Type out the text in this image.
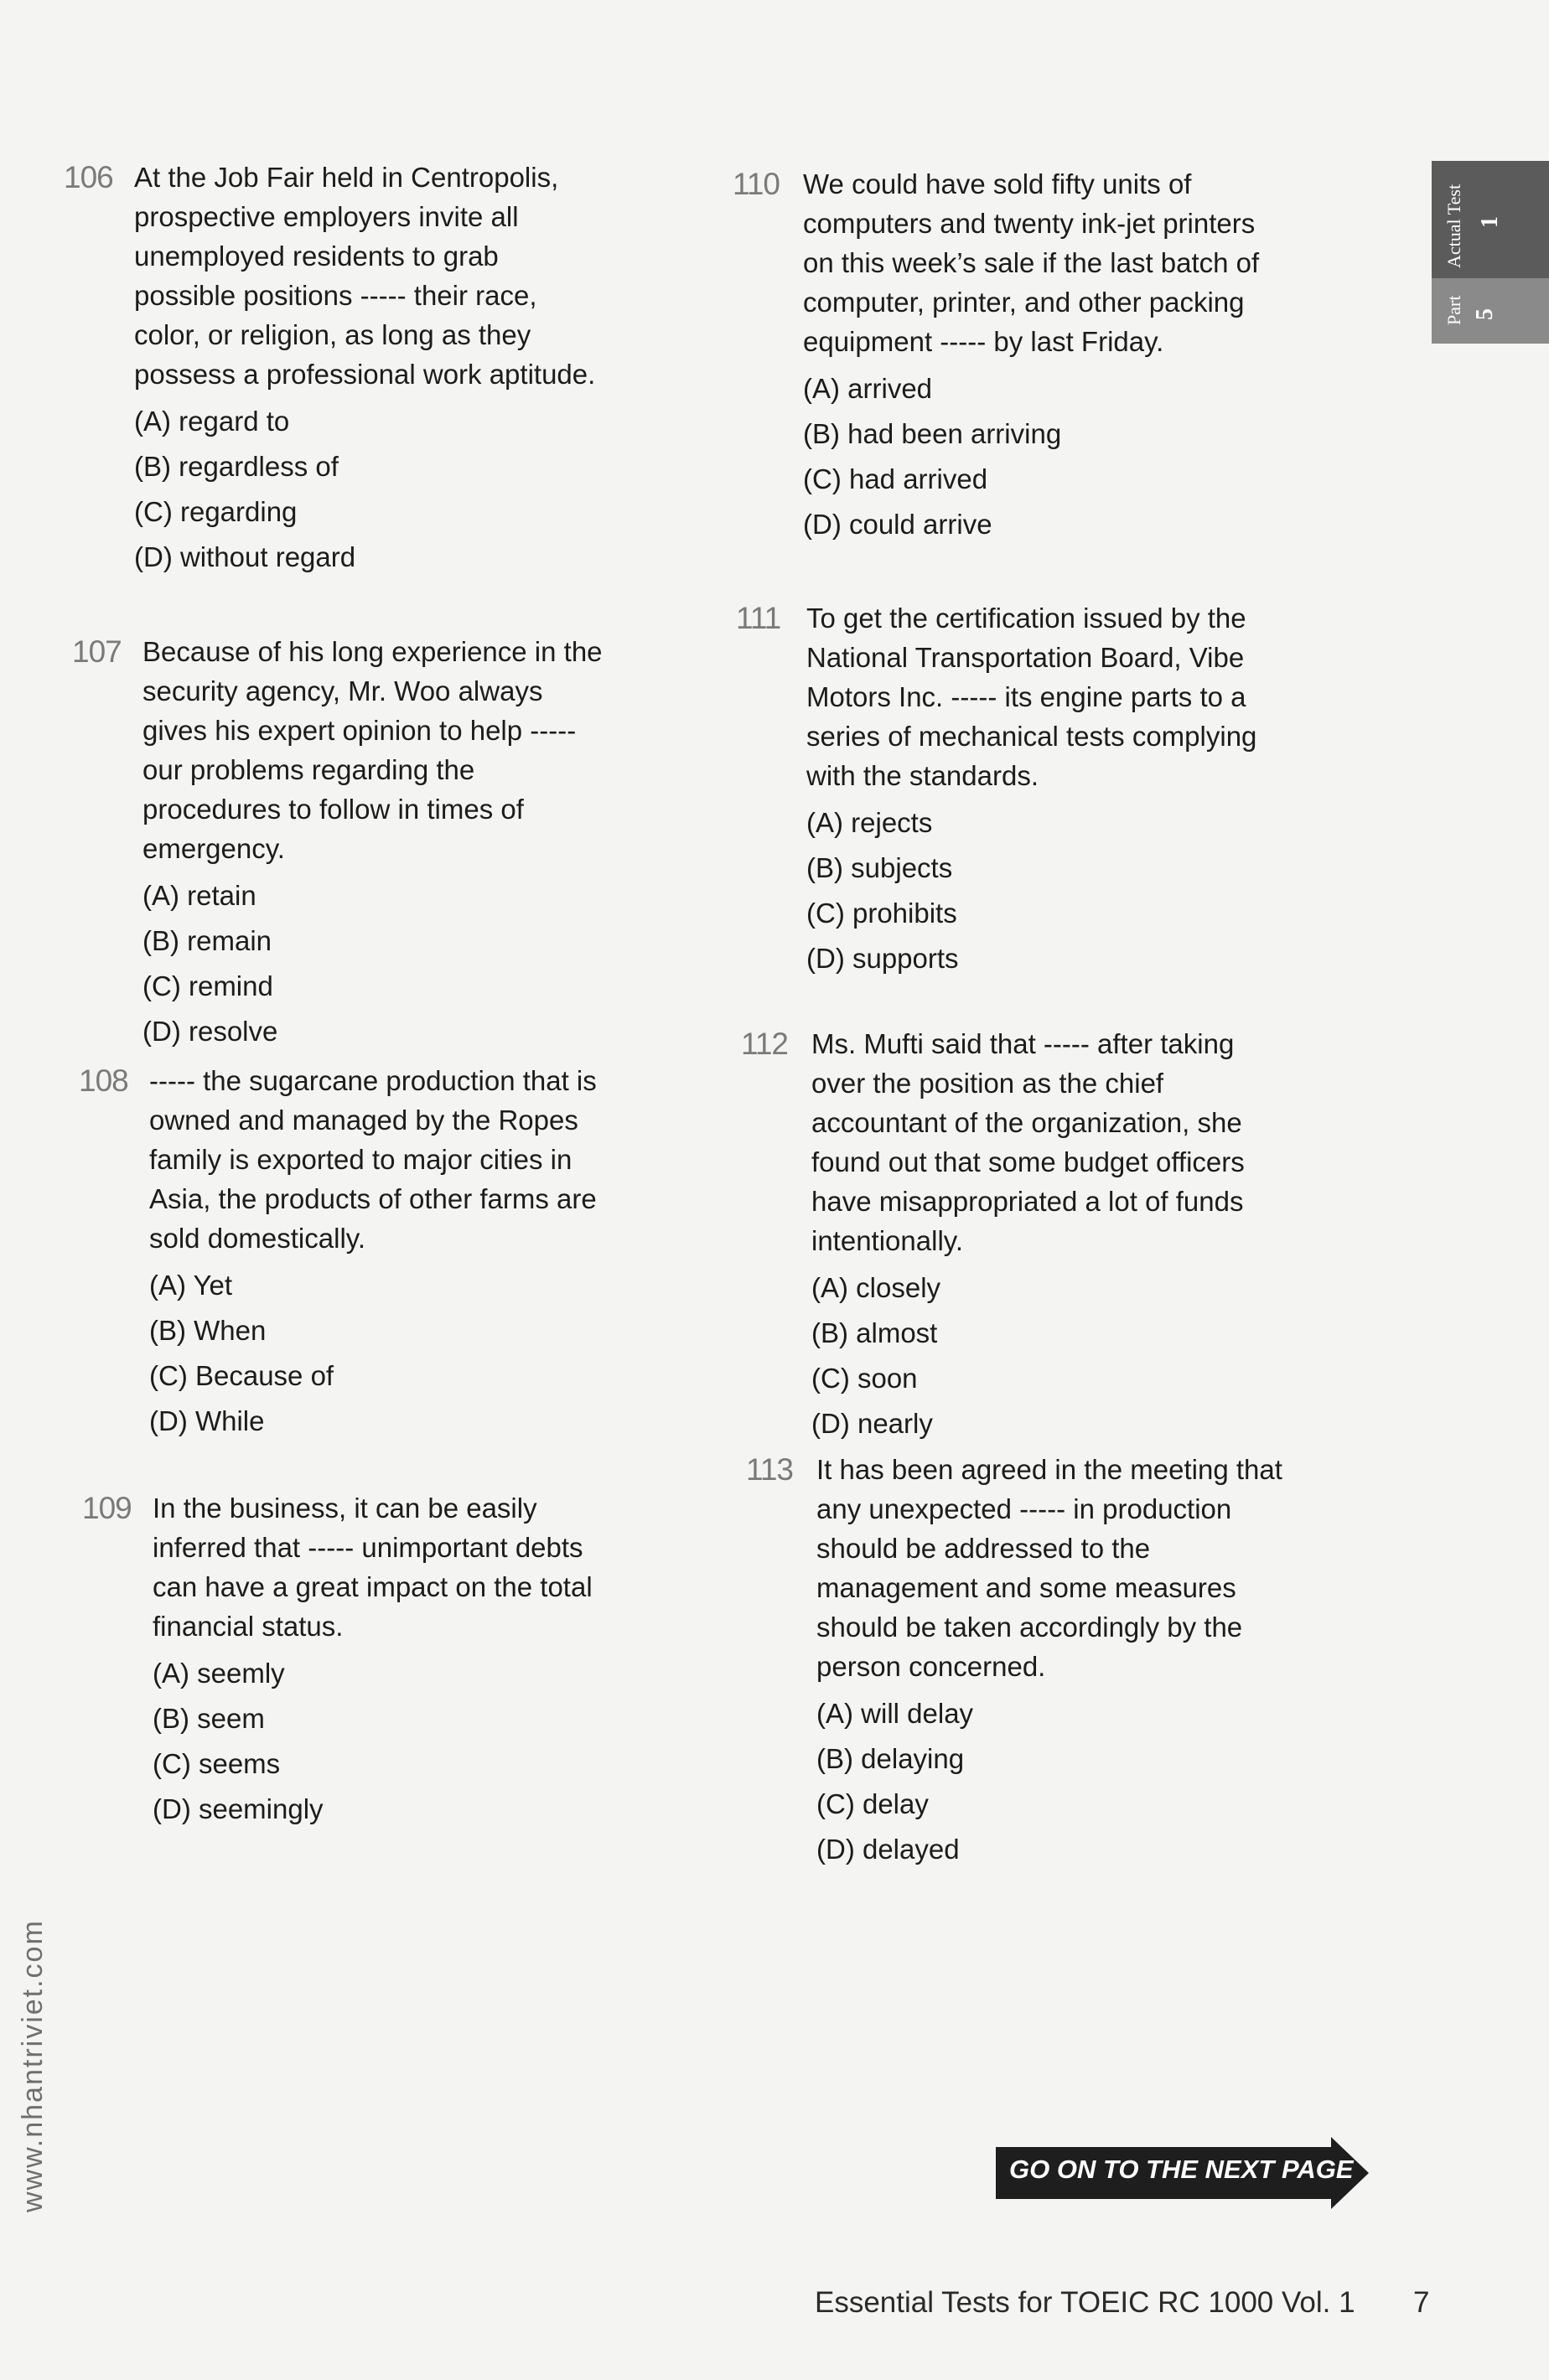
Actual Test 1
Part 5
106 At the Job Fair held in Centropolis, prospective employers invite all unemployed residents to grab possible positions ----- their race, color, or religion, as long as they possess a professional work aptitude.
(A) regard to
(B) regardless of
(C) regarding
(D) without regard
107 Because of his long experience in the security agency, Mr. Woo always gives his expert opinion to help ----- our problems regarding the procedures to follow in times of emergency.
(A) retain
(B) remain
(C) remind
(D) resolve
108 ----- the sugarcane production that is owned and managed by the Ropes family is exported to major cities in Asia, the products of other farms are sold domestically.
(A) Yet
(B) When
(C) Because of
(D) While
109 In the business, it can be easily inferred that ----- unimportant debts can have a great impact on the total financial status.
(A) seemly
(B) seem
(C) seems
(D) seemingly
110 We could have sold fifty units of computers and twenty ink-jet printers on this week’s sale if the last batch of computer, printer, and other packing equipment ----- by last Friday.
(A) arrived
(B) had been arriving
(C) had arrived
(D) could arrive
111 To get the certification issued by the National Transportation Board, Vibe Motors Inc. ----- its engine parts to a series of mechanical tests complying with the standards.
(A) rejects
(B) subjects
(C) prohibits
(D) supports
112 Ms. Mufti said that ----- after taking over the position as the chief accountant of the organization, she found out that some budget officers have misappropriated a lot of funds intentionally.
(A) closely
(B) almost
(C) soon
(D) nearly
113 It has been agreed in the meeting that any unexpected ----- in production should be addressed to the management and some measures should be taken accordingly by the person concerned.
(A) will delay
(B) delaying
(C) delay
(D) delayed
www.nhantriviet.com	GO ON TO THE NEXT PAGE
Essential Tests for TOEIC RC 1000 Vol. 1 7
